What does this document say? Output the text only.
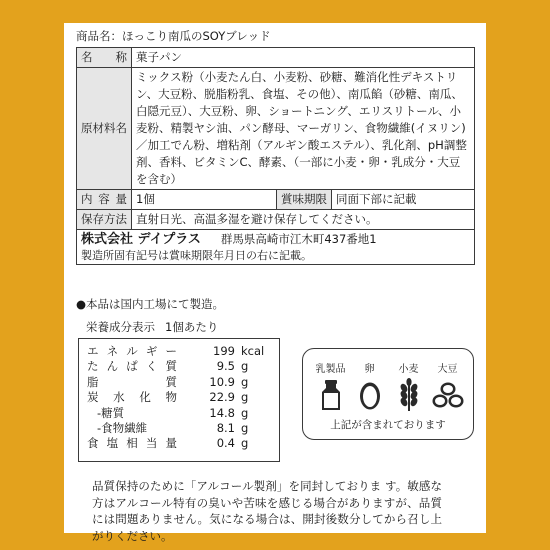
商品名：ほっこり南瓜のSOYブレッド
名　称	菓子パン		
原材料名	ミックス粉（小麦たん白、小麦粉、砂糖、難消化性デキストリン、大豆粉、脱脂粉乳、食塩、その他）、南瓜餡（砂糖、南瓜、白隠元豆）、大豆粉、卵、ショートニング、エリスリトール、小麦粉、精製ヤシ油、パン酵母、マーガリン、食物繊維(イヌリン)／加工でん粉、増粘剤（アルギン酸エステル）、乳化剤、pH調整剤、香料、ビタミンC、酵素、（一部に小麦・卵・乳成分・大豆を含む）		
内容量	1個	賞味期限	同面下部に記載
保存方法	直射日光、高温多湿を避け保存してください。		

株式会社 デイプラス 群馬県高崎市江木町437番地1
製造所固有記号は賞味期限年月日の右に記載。			
●本品は国内工場にて製造。
栄養成分表示 1個あたり
エネルギー	199 kcal
たんぱく質	9.5 g
脂質	10.9 g
炭水化物	22.9 g
-糖質	14.8 g
-食物繊維	8.1 g
食塩相当量	0.4 g
乳製品	卵	小麦	大豆
上記が含まれております
品質保持のために「アルコール製剤」を同封しておりま す。敏感な方はアルコール特有の臭いや苦味を感じる場合がありますが、品質には問題ありません。気になる場合は、開封後数分してから召し上がりください。
